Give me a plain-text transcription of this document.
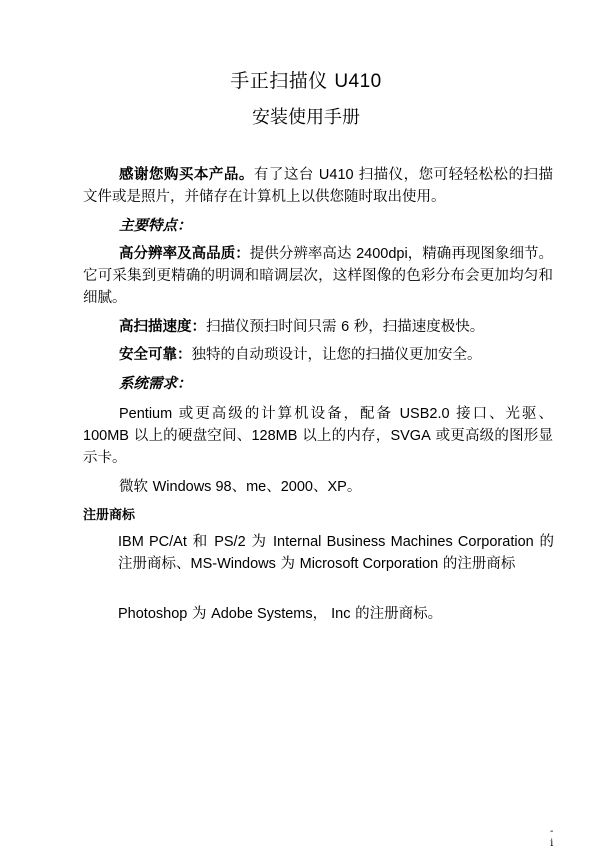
手正扫描仪 U410
安装使用手册
感谢您购买本产品。有了这台 U410 扫描仪，您可轻轻松松的扫描文件或是照片，并储存在计算机上以供您随时取出使用。
主要特点：
高分辨率及高品质：提供分辨率高达 2400dpi，精确再现图象细节。它可采集到更精确的明调和暗调层次，这样图像的色彩分布会更加均匀和细腻。
高扫描速度：扫描仪预扫时间只需 6 秒，扫描速度极快。
安全可靠：独特的自动琐设计，让您的扫描仪更加安全。
系统需求：
Pentium 或更高级的计算机设备，配备 USB2.0 接口、光驱、100MB 以上的硬盘空间、128MB 以上的内存，SVGA 或更高级的图形显示卡。
微软 Windows 98、me、2000、XP。
注册商标
IBM PC/At 和 PS/2 为 Internal Business Machines Corporation 的注册商标、MS-Windows 为 Microsoft Corporation 的注册商标
Photoshop 为 Adobe Systems， Inc 的注册商标。
-
i
